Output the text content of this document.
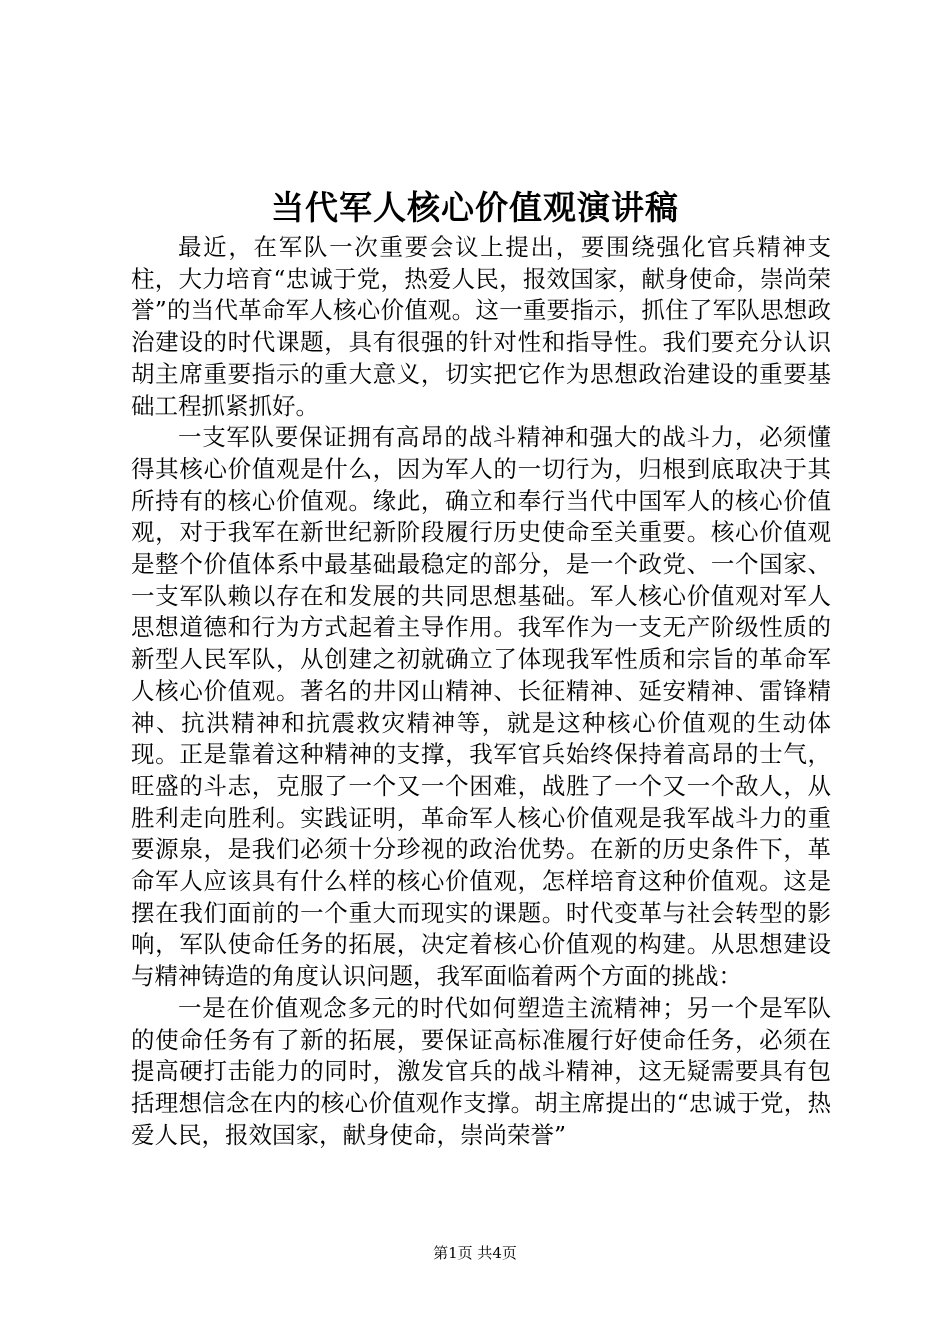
当代军人核心价值观演讲稿

最近，在军队一次重要会议上提出，要围绕强化官兵精神支柱，大力培育“忠诚于党，热爱人民，报效国家，献身使命，崇尚荣誉”的当代革命军人核心价值观。这一重要指示，抓住了军队思想政治建设的时代课题，具有很强的针对性和指导性。我们要充分认识胡主席重要指示的重大意义，切实把它作为思想政治建设的重要基础工程抓紧抓好。

一支军队要保证拥有高昂的战斗精神和强大的战斗力，必须懂得其核心价值观是什么，因为军人的一切行为，归根到底取决于其所持有的核心价值观。缘此，确立和奉行当代中国军人的核心价值观，对于我军在新世纪新阶段履行历史使命至关重要。核心价值观是整个价值体系中最基础最稳定的部分，是一个政党、一个国家、一支军队赖以存在和发展的共同思想基础。军人核心价值观对军人思想道德和行为方式起着主导作用。我军作为一支无产阶级性质的新型人民军队，从创建之初就确立了体现我军性质和宗旨的革命军人核心价值观。著名的井冈山精神、长征精神、延安精神、雷锋精神、抗洪精神和抗震救灾精神等，就是这种核心价值观的生动体现。正是靠着这种精神的支撑，我军官兵始终保持着高昂的士气，旺盛的斗志，克服了一个又一个困难，战胜了一个又一个敌人，从胜利走向胜利。实践证明，革命军人核心价值观是我军战斗力的重要源泉，是我们必须十分珍视的政治优势。在新的历史条件下，革命军人应该具有什么样的核心价值观，怎样培育这种价值观。这是摆在我们面前的一个重大而现实的课题。时代变革与社会转型的影响，军队使命任务的拓展，决定着核心价值观的构建。从思想建设与精神铸造的角度认识问题，我军面临着两个方面的挑战：

一是在价值观念多元的时代如何塑造主流精神；另一个是军队的使命任务有了新的拓展，要保证高标准履行好使命任务，必须在提高硬打击能力的同时，激发官兵的战斗精神，这无疑需要具有包括理想信念在内的核心价值观作支撑。胡主席提出的“忠诚于党，热爱人民，报效国家，献身使命，崇尚荣誉”

第1页 共4页
